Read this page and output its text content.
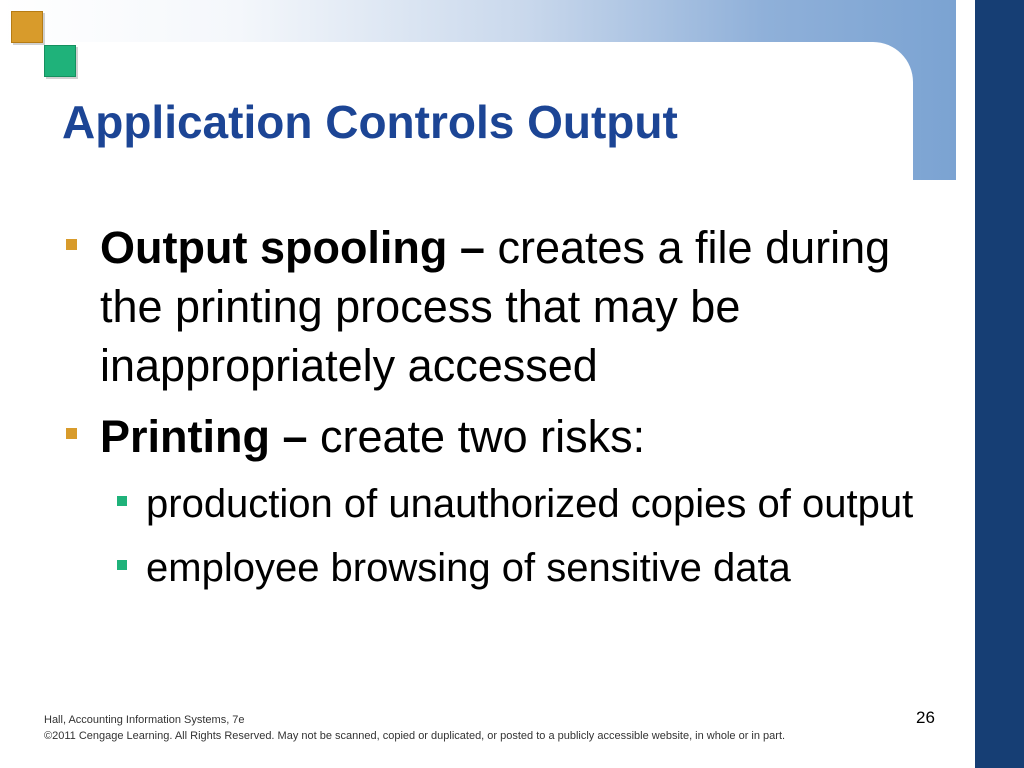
Application Controls Output
Output spooling – creates a file during the printing process that may be inappropriately accessed
Printing – create two risks:
production of unauthorized copies of output
employee browsing of sensitive data
Hall, Accounting Information Systems, 7e
©2011 Cengage Learning. All Rights Reserved. May not be scanned, copied or duplicated, or posted to a publicly accessible website, in whole or in part.
26
